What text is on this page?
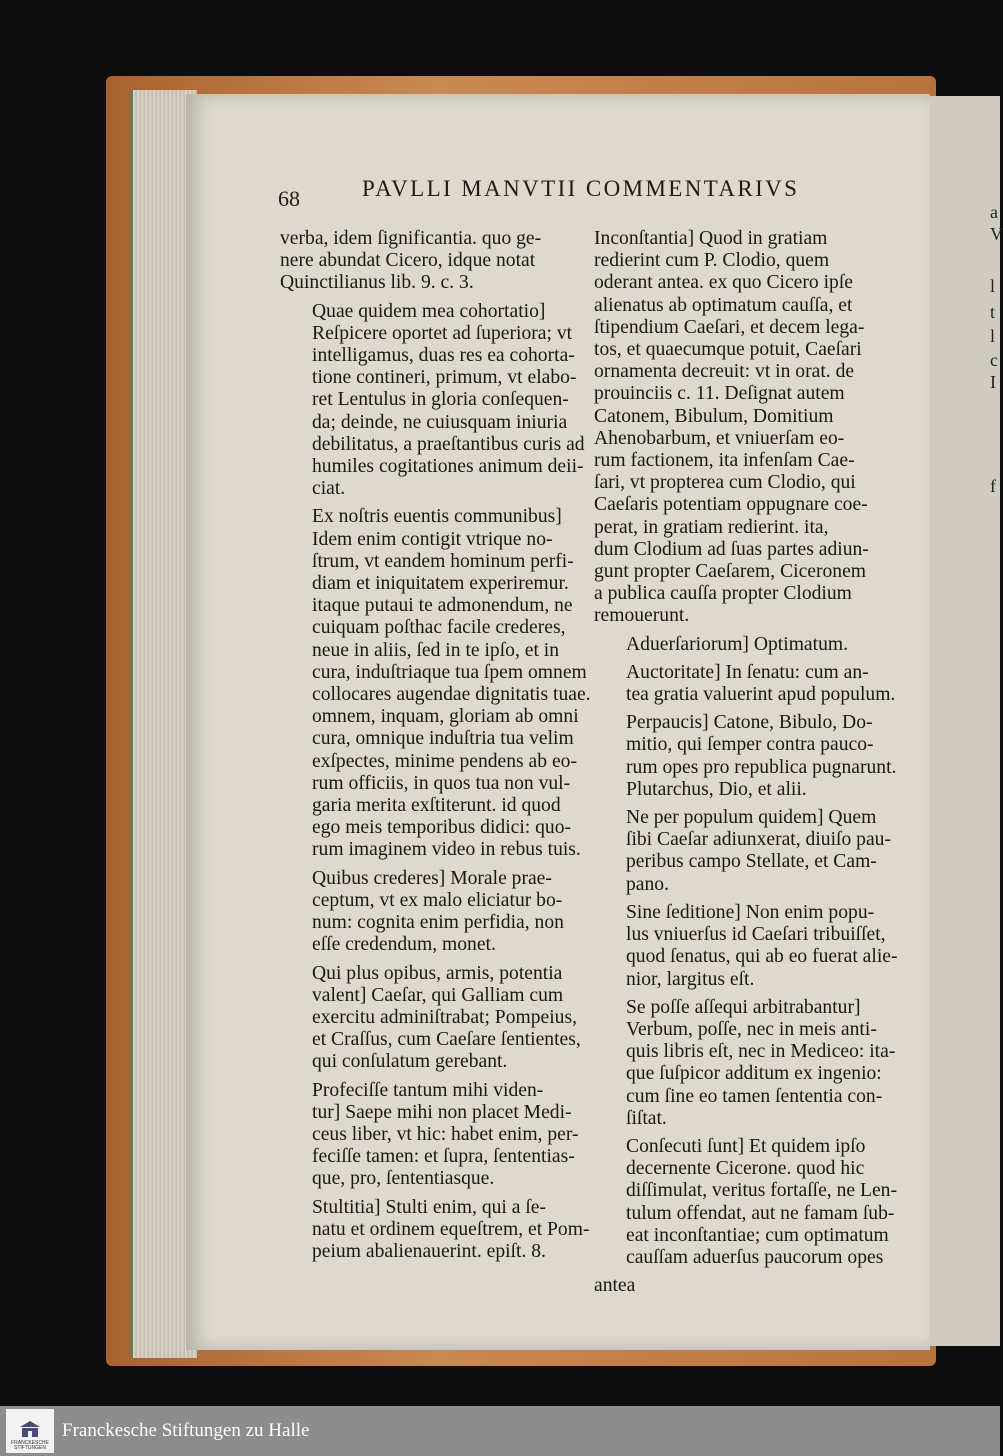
a
V
l
t
l
c
I
f
68	PAVLLI MANVTII COMMENTARIVS

verba, idem ſignificantia. quo ge-
nere abundat Cicero, idque notat
Quinctilianus lib. 9. c. 3.

Quae quidem mea cohortatio]
Reſpicere oportet ad ſuperiora; vt
intelligamus, duas res ea cohorta-
tione contineri, primum, vt elabo-
ret Lentulus in gloria conſequen-
da; deinde, ne cuiusquam iniuria
debilitatus, a praeſtantibus curis ad
humiles cogitationes animum deii-
ciat.

Ex noſtris euentis communibus]
Idem enim contigit vtrique no-
ſtrum, vt eandem hominum perfi-
diam et iniquitatem experiremur.
itaque putaui te admonendum, ne
cuiquam poſthac facile crederes,
neue in aliis, ſed in te ipſo, et in
cura, induſtriaque tua ſpem omnem
collocares augendae dignitatis tuae.
omnem, inquam, gloriam ab omni
cura, omnique induſtria tua velim
exſpectes, minime pendens ab eo-
rum officiis, in quos tua non vul-
garia merita exſtiterunt. id quod
ego meis temporibus didici: quo-
rum imaginem video in rebus tuis.

Quibus crederes] Morale prae-
ceptum, vt ex malo eliciatur bo-
num: cognita enim perfidia, non
eſſe credendum, monet.

Qui plus opibus, armis, potentia
valent] Caeſar, qui Galliam cum
exercitu adminiſtrabat; Pompeius,
et Craſſus, cum Caeſare ſentientes,
qui conſulatum gerebant.

Profeciſſe tantum mihi viden-
tur] Saepe mihi non placet Medi-
ceus liber, vt hic: habet enim, per-
feciſſe tamen: et ſupra, ſententias-
que, pro, ſententiasque.

Stultitia] Stulti enim, qui a ſe-
natu et ordinem equeſtrem, et Pom-
peium abalienauerint. epiſt. 8.

Inconſtantia] Quod in gratiam
redierint cum P. Clodio, quem
oderant antea. ex quo Cicero ipſe
alienatus ab optimatum cauſſa, et
ſtipendium Caeſari, et decem lega-
tos, et quaecumque potuit, Caeſari
ornamenta decreuit: vt in orat. de
prouinciis c. 11. Deſignat autem
Catonem, Bibulum, Domitium
Ahenobarbum, et vniuerſam eo-
rum factionem, ita infenſam Cae-
ſari, vt propterea cum Clodio, qui
Caeſaris potentiam oppugnare coe-
perat, in gratiam redierint. ita,
dum Clodium ad ſuas partes adiun-
gunt propter Caeſarem, Ciceronem
a publica cauſſa propter Clodium
remouerunt.

Aduerſariorum] Optimatum.

Auctoritate] In ſenatu: cum an-
tea gratia valuerint apud populum.

Perpaucis] Catone, Bibulo, Do-
mitio, qui ſemper contra pauco-
rum opes pro republica pugnarunt.
Plutarchus, Dio, et alii.

Ne per populum quidem] Quem
ſibi Caeſar adiunxerat, diuiſo pau-
peribus campo Stellate, et Cam-
pano.

Sine ſeditione] Non enim popu-
lus vniuerſus id Caeſari tribuiſſet,
quod ſenatus, qui ab eo fuerat alie-
nior, largitus eſt.

Se poſſe aſſequi arbitrabantur]
Verbum, poſſe, nec in meis anti-
quis libris eſt, nec in Mediceo: ita-
que ſuſpicor additum ex ingenio:
cum ſine eo tamen ſententia con-
ſiſtat.

Conſecuti ſunt] Et quidem ipſo
decernente Cicerone. quod hic
diſſimulat, veritus fortaſſe, ne Len-
tulum offendat, aut ne famam ſub-
eat inconſtantiae; cum optimatum
cauſſam aduerſus paucorum opes

antea

FRANCKESCHE
STIFTUNGEN
Franckesche Stiftungen zu Halle
